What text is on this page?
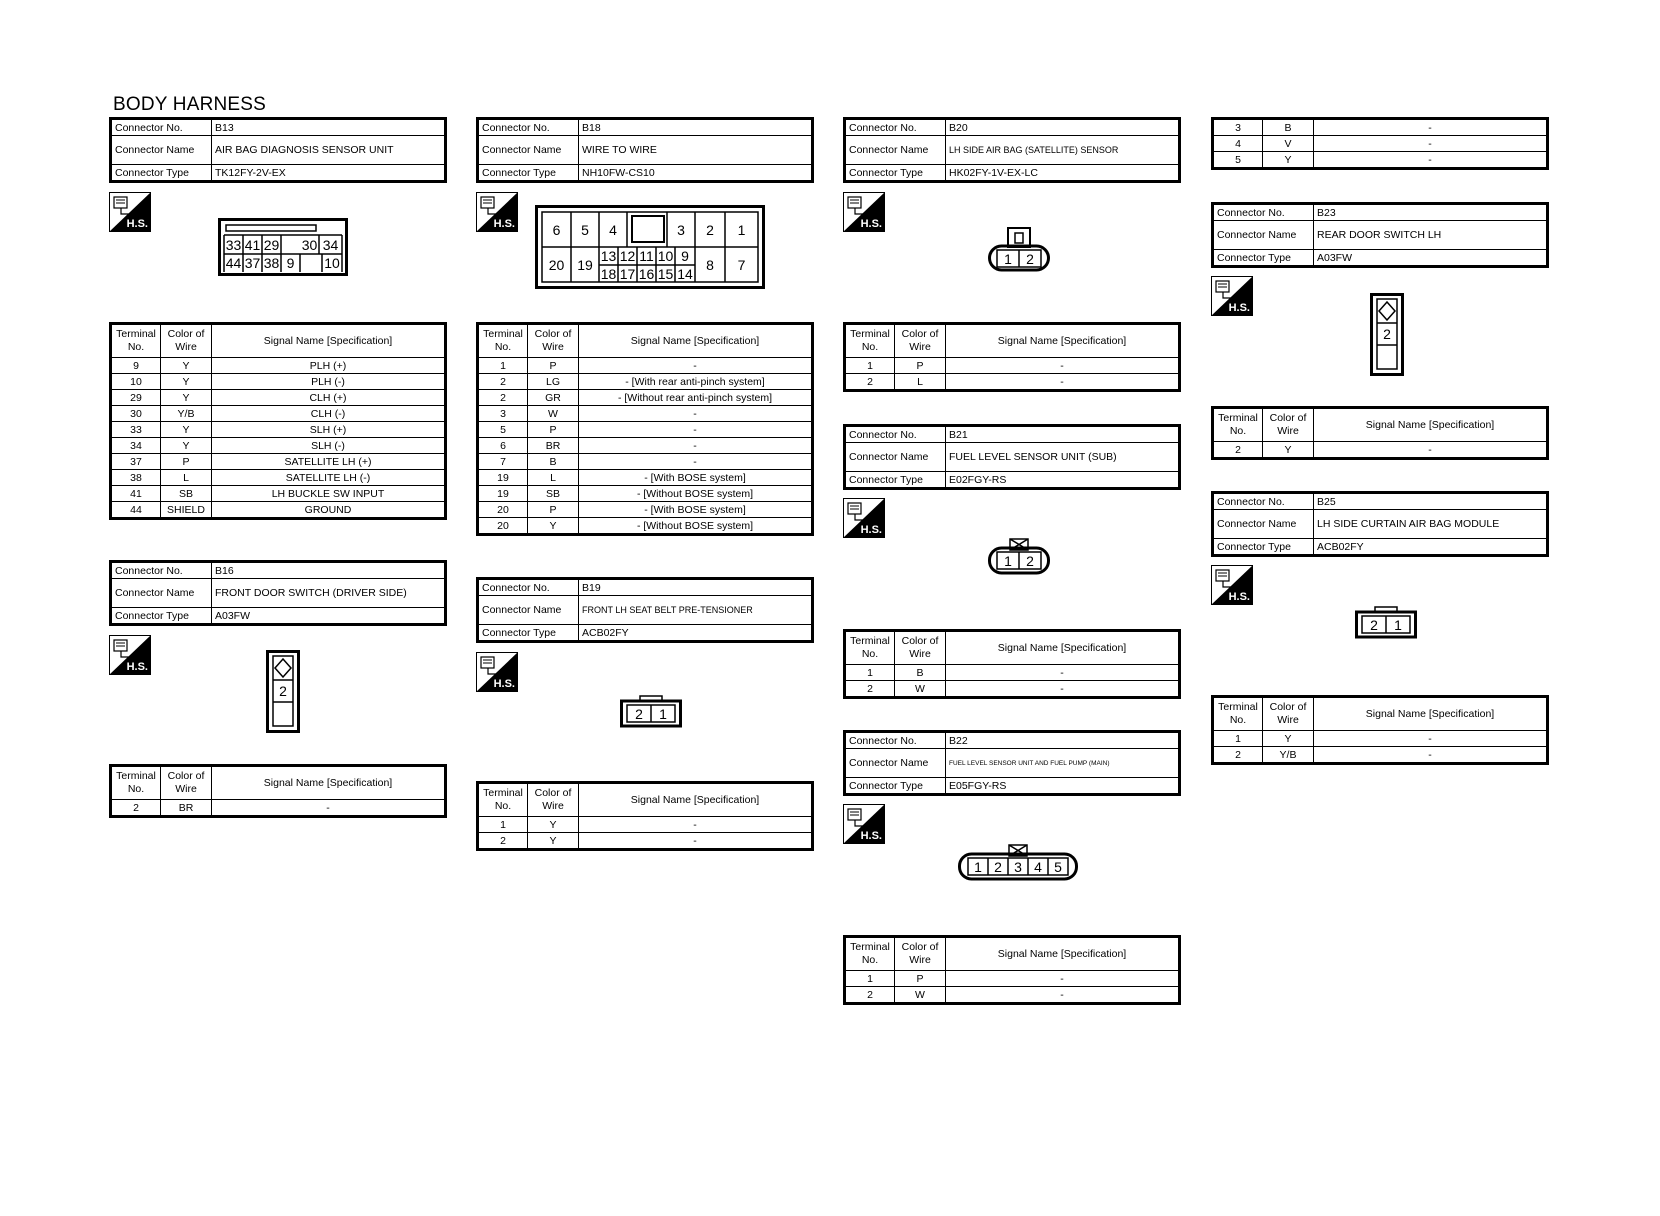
BODY HARNESS
Connector No.	B13
Connector Name	AIR BAG DIAGNOSIS SENSOR UNIT
Connector Type	TK12FY-2V-EX
H.S.
33 41 29 30 34
44 37 38 9	10
Terminal No.	Color of Wire	Signal Name [Specification]
9	Y	PLH (+)
10	Y	PLH (-)
29	Y	CLH (+)
30	Y/B	CLH (-)
33	Y	SLH (+)
34	Y	SLH (-)
37	P	SATELLITE LH (+)
38	L	SATELLITE LH (-)
41	SB	LH BUCKLE SW INPUT
44	SHIELD	GROUND
Connector No.	B16
Connector Name	FRONT DOOR SWITCH (DRIVER SIDE)
Connector Type	A03FW
H.S.
2
Terminal No.	Color of Wire	Signal Name [Specification]
2	BR	-
Connector No.	B18
Connector Name	WIRE TO WIRE
Connector Type	NH10FW-CS10
H.S.	6	5	4	3	2	1
20 19	8	7
13 12 11 10 9
18 17 16 15 14
Terminal No.	Color of Wire	Signal Name [Specification]
1	P	-
2	LG	- [With rear anti-pinch system]
2	GR	- [Without rear anti-pinch system]
3	W	-
5	P	-
6	BR	-
7	B	-
19	L	- [With BOSE system]
19	SB	- [Without BOSE system]
20	P	- [With BOSE system]
20	Y	- [Without BOSE system]
Connector No.	B19
Connector Name	FRONT LH SEAT BELT PRE-TENSIONER
Connector Type	ACB02FY
H.S.
2	1
Terminal No.	Color of Wire	Signal Name [Specification]
1	Y	-
2	Y	-
Connector No.	B20
Connector Name	LH SIDE AIR BAG (SATELLITE) SENSOR
Connector Type	HK02FY-1V-EX-LC
H.S.
1	2
Terminal No.	Color of Wire	Signal Name [Specification]
1	P	-
2	L	-
Connector No.	B21
Connector Name	FUEL LEVEL SENSOR UNIT (SUB)
Connector Type	E02FGY-RS
H.S.
1	2
Terminal No.	Color of Wire	Signal Name [Specification]
1	B	-
2	W	-
Connector No.	B22
Connector Name	FUEL LEVEL SENSOR UNIT AND FUEL PUMP (MAIN)
Connector Type	E05FGY-RS
H.S.
1 2 3 4 5
Terminal No.	Color of Wire	Signal Name [Specification]
1	P	-
2	W	-
3	B	-
4	V	-
5	Y	-
Connector No.	B23
Connector Name	REAR DOOR SWITCH LH
Connector Type	A03FW
H.S.
2
Terminal No.	Color of Wire	Signal Name [Specification]
2	Y	-
Connector No.	B25
Connector Name	LH SIDE CURTAIN AIR BAG MODULE
Connector Type	ACB02FY
H.S.
2	1
Terminal No.	Color of Wire	Signal Name [Specification]
1	Y	-
2	Y/B	-
